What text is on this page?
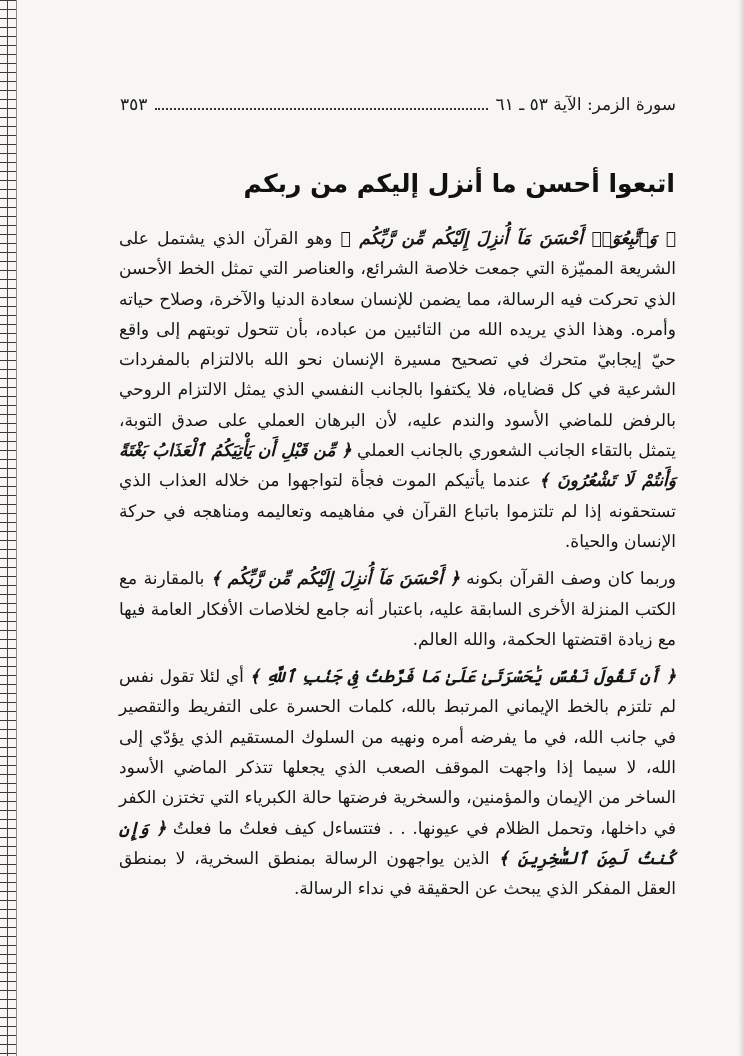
سورة الزمر: الآية ٥٣ ـ ٦١
٣٥٣
اتبعوا أحسن ما أنزل إليكم من ربكم

﴿ وَٱتَّبِعُوٓا۟ أَحْسَنَ مَآ أُنزِلَ إِلَيْكُم مِّن رَّبِّكُم ﴾ وهو القرآن الذي يشتمل على الشريعة المميّزة التي جمعت خلاصة الشرائع، والعناصر التي تمثل الخط الأحسن الذي تحركت فيه الرسالة، مما يضمن للإنسان سعادة الدنيا والآخرة، وصلاح حياته وأمره. وهذا الذي يريده الله من التائبين من عباده، بأن تتحول توبتهم إلى واقع حيّ إيجابيّ متحرك في تصحيح مسيرة الإنسان نحو الله بالالتزام بالمفردات الشرعية في كل قضاياه، فلا يكتفوا بالجانب النفسي الذي يمثل الالتزام الروحي بالرفض للماضي الأسود والندم عليه، لأن البرهان العملي على صدق التوبة، يتمثل بالتقاء الجانب الشعوري بالجانب العملي ﴿ مِّن قَبْلِ أَن يَأْتِيَكُمُ ٱلْعَذَابُ بَغْتَةً وَأَنتُمْ لَا تَشْعُرُونَ ﴾ عندما يأتيكم الموت فجأة لتواجهوا من خلاله العذاب الذي تستحقونه إذا لم تلتزموا باتباع القرآن في مفاهيمه وتعاليمه ومناهجه في حركة الإنسان والحياة.

وربما كان وصف القرآن بكونه ﴿ أَحْسَنَ مَآ أُنزِلَ إِلَيْكُم مِّن رَّبِّكُم ﴾ بالمقارنة مع الكتب المنزلة الأخرى السابقة عليه، باعتبار أنه جامع لخلاصات الأفكار العامة فيها مع زيادة اقتضتها الحكمة، والله العالم.

﴿ أَن تَقُولَ نَفْسٌ يَٰحَسْرَتَىٰ عَلَىٰ مَا فَرَّطتُ فِى جَنۢبِ ٱللَّهِ ﴾ أي لئلا تقول نفس لم تلتزم بالخط الإيماني المرتبط بالله، كلمات الحسرة على التفريط والتقصير في جانب الله، في ما يفرضه أمره ونهيه من السلوك المستقيم الذي يؤدّي إلى الله، لا سيما إذا واجهت الموقف الصعب الذي يجعلها تتذكر الماضي الأسود الساخر من الإيمان والمؤمنين، والسخرية فرضتها حالة الكبرياء التي تختزن الكفر في داخلها، وتحمل الظلام في عيونها. . . فتتساءل كيف فعلتُ ما فعلتُ ﴿ وَإِن كُنتُ لَمِنَ ٱلسَّٰخِرِينَ ﴾ الذين يواجهون الرسالة بمنطق السخرية، لا بمنطق العقل المفكر الذي يبحث عن الحقيقة في نداء الرسالة.
